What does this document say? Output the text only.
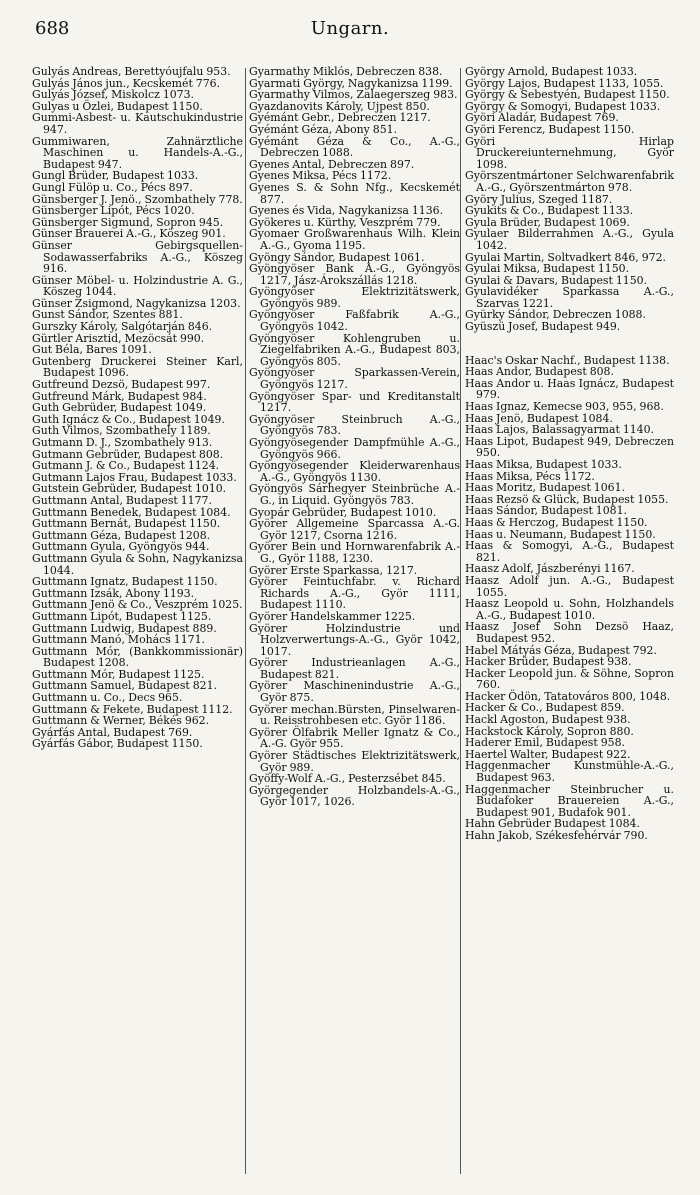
688	Ungarn.
Gulyás Andreas, Berettyóujfalu 953.
Gulyás János jun., Kecskemét 776.
Gulyás József, Miskolcz 1073.
Gulyas u Özlei, Budapest 1150.
Gummi-Asbest- u. Kautschukindustrie 947.
Gummiwaren, Zahnärztliche Maschinen u. Handels-A.-G., Budapest 947.
Gungl Brüder, Budapest 1033.
Gungl Fülöp u. Co., Pécs 897.
Günsberger J. Jenö., Szombathely 778.
Günsberger Lipót, Pécs 1020.
Günsberger Sigmund, Sopron 945.
Günser Brauerei A.-G., Köszeg 901.
Günser Gebirgsquellen-Sodawasserfabriks A.-G., Köszeg 916.
Günser Möbel- u. Holzindustrie A. G., Köszeg 1044.
Günser Zsigmond, Nagykanizsa 1203.
Gunst Sándor, Szentes 881.
Gurszky Károly, Salgótarján 846.
Gürtler Arisztid, Mezöcsát 990.
Gut Béla, Bares 1091.
Gutenberg Druckerei Steiner Karl, Budapest 1096.
Gutfreund Dezsö, Budapest 997.
Gutfreund Márk, Budapest 984.
Guth Gebrüder, Budapest 1049.
Guth Ignácz & Co., Budapest 1049.
Guth Vilmos, Szombathely 1189.
Gutmann D. J., Szombathely 913.
Gutmann Gebrüder, Budapest 808.
Gutmann J. & Co., Budapest 1124.
Gutmann Lajos Frau, Budapest 1033.
Gutstein Gebrüder, Budapest 1010.
Guttmann Antal, Budapest 1177.
Guttmann Benedek, Budapest 1084.
Guttmann Bernát, Budapest 1150.
Guttmann Géza, Budapest 1208.
Guttmann Gyula, Gyöngyös 944.
Guttmann Gyula & Sohn, Nagykanizsa 1044.
Guttmann Ignatz, Budapest 1150.
Guttmann Izsák, Abony 1193.
Guttmann Jenö & Co., Veszprém 1025.
Guttmann Lipót, Budapest 1125.
Guttmann Ludwig, Budapest 889.
Guttmann Manó, Mohács 1171.
Guttmann Mór, (Bankkommissionär) Budapest 1208.
Guttmann Mór, Budapest 1125.
Guttmann Samuel, Budapest 821.
Guttmann u. Co., Decs 965.
Guttmann & Fekete, Budapest 1112.
Guttmann & Werner, Békés 962.
Gyárfás Antal, Budapest 769.
Gyárfás Gábor, Budapest 1150.
Gyarmathy Miklós, Debreczen 838.
Gyarmati György, Nagykanizsa 1199.
Gyarmathy Vilmos, Zalaegerszeg 983.
Gyazdanovits Károly, Ujpest 850.
Gyémánt Gebr., Debreczen 1217.
Gyémánt Géza, Abony 851.
Gyémánt Géza & Co., A.-G., Debreczen 1088.
Gyenes Antal, Debreczen 897.
Gyenes Miksa, Pécs 1172.
Gyenes S. & Sohn Nfg., Kecskemét 877.
Gyenes és Vida, Nagykanizsa 1136.
Gyökeres u. Kürthy, Veszprém 779.
Gyomaer Großwarenhaus Wilh. Klein A.-G., Gyoma 1195.
Gyöngy Sándor, Budapest 1061.
Gyöngyöser Bank A.-G., Gyöngyös 1217, Jász-Árokszállás 1218.
Gyöngyöser Elektrizitätswerk, Gyöngyös 989.
Gyöngyöser Faßfabrik A.-G., Gyöngyös 1042.
Gyöngyöser Kohlengruben u. Ziegelfabriken A.-G., Budapest 803, Gyöngyös 805.
Gyöngyöser Sparkassen-Verein, Gyöngyös 1217.
Gyöngyöser Spar- und Kreditanstalt 1217.
Gyöngyöser Steinbruch A.-G., Gyöngyös 783.
Gyöngyösegender Dampfmühle A.-G., Gyöngyös 966.
Gyöngyösegender Kleiderwarenhaus A.-G., Gyöngyös 1130.
Gyöngyös Sárhegyer Steinbrüche A.-G., in Liquid. Gyöngyös 783.
Gyopár Gebrüder, Budapest 1010.
Györer Allgemeine Sparcassa A.-G. Györ 1217, Csorna 1216.
Györer Bein und Hornwarenfabrik A.-G., Györ 1188, 1230.
Györer Erste Sparkassa, 1217.
Györer Feintuchfabr. v. Richard Richards A.-G., Györ 1111, Budapest 1110.
Györer Handelskammer 1225.
Györer Holzindustrie und Holzverwertungs-A.-G., Györ 1042, 1017.
Györer Industrieanlagen A.-G., Budapest 821.
Györer Maschinenindustrie A.-G., Györ 875.
Györer mechan.Bürsten, Pinselwaren- u. Reisstrohbesen etc. Györ 1186.
Györer Ölfabrik Meller Ignatz & Co., A.-G. Györ 955.
Györer Städtisches Elektrizitätswerk, Györ 989.
Gyöffy-Wolf A.-G., Pesterzsébet 845.
Györgegender Holzbandels-A.-G., Györ 1017, 1026.
György Arnold, Budapest 1033.
György Lajos, Budapest 1133, 1055.
György & Sebestyén, Budapest 1150.
György & Somogyi, Budapest 1033.
Györi Aladár, Budapest 769.
Györi Ferencz, Budapest 1150.
Györi Hirlap Druckereiunternehmung, Györ 1098.
Györszentmártoner Selchwarenfabrik A.-G., Györszentmárton 978.
Györy Julius, Szeged 1187.
Gyukits & Co., Budapest 1133.
Gyula Brüder, Budapest 1069.
Gyulaer Bilderrahmen A.-G., Gyula 1042.
Gyulai Martin, Soltvadkert 846, 972.
Gyulai Miksa, Budapest 1150.
Gyulai & Davars, Budapest 1150.
Gyulavidéker Sparkassa A.-G., Szarvas 1221.
Gyürky Sándor, Debreczen 1088.
Gyüszü Josef, Budapest 949.
Haac's Oskar Nachf., Budapest 1138.
Haas Andor, Budapest 808.
Haas Andor u. Haas Ignácz, Budapest 979.
Haas Ignaz, Kemecse 903, 955, 968.
Haas Jenö, Budapest 1084.
Haas Lajos, Balassagyarmat 1140.
Haas Lipot, Budapest 949, Debreczen 950.
Haas Miksa, Budapest 1033.
Haas Miksa, Pécs 1172.
Haas Moritz, Budapest 1061.
Haas Rezsö & Glück, Budapest 1055.
Haas Sándor, Budapest 1081.
Haas & Herczog, Budapest 1150.
Haas u. Neumann, Budapest 1150.
Haas & Somogyi, A.-G., Budapest 821.
Haasz Adolf, Jászberényi 1167.
Haasz Adolf jun. A.-G., Budapest 1055.
Haasz Leopold u. Sohn, Holzhandels A.-G., Budapest 1010.
Haasz Josef Sohn Dezsö Haaz, Budapest 952.
Habel Mátyás Géza, Budapest 792.
Hacker Brüder, Budapest 938.
Hacker Leopold jun. & Söhne, Sopron 760.
Hacker Ödön, Tatatováros 800, 1048.
Hacker & Co., Budapest 859.
Hackl Agoston, Budapest 938.
Hackstock Károly, Sopron 880.
Haderer Emil, Budapest 958.
Haertel Walter, Budapest 922.
Haggenmacher Kunstmühle-A.-G., Budapest 963.
Haggenmacher Steinbrucher u. Budafoker Brauereien A.-G., Budapest 901, Budafok 901.
Hahn Gebrüder Budapest 1084.
Hahn Jakob, Székesfehérvár 790.
